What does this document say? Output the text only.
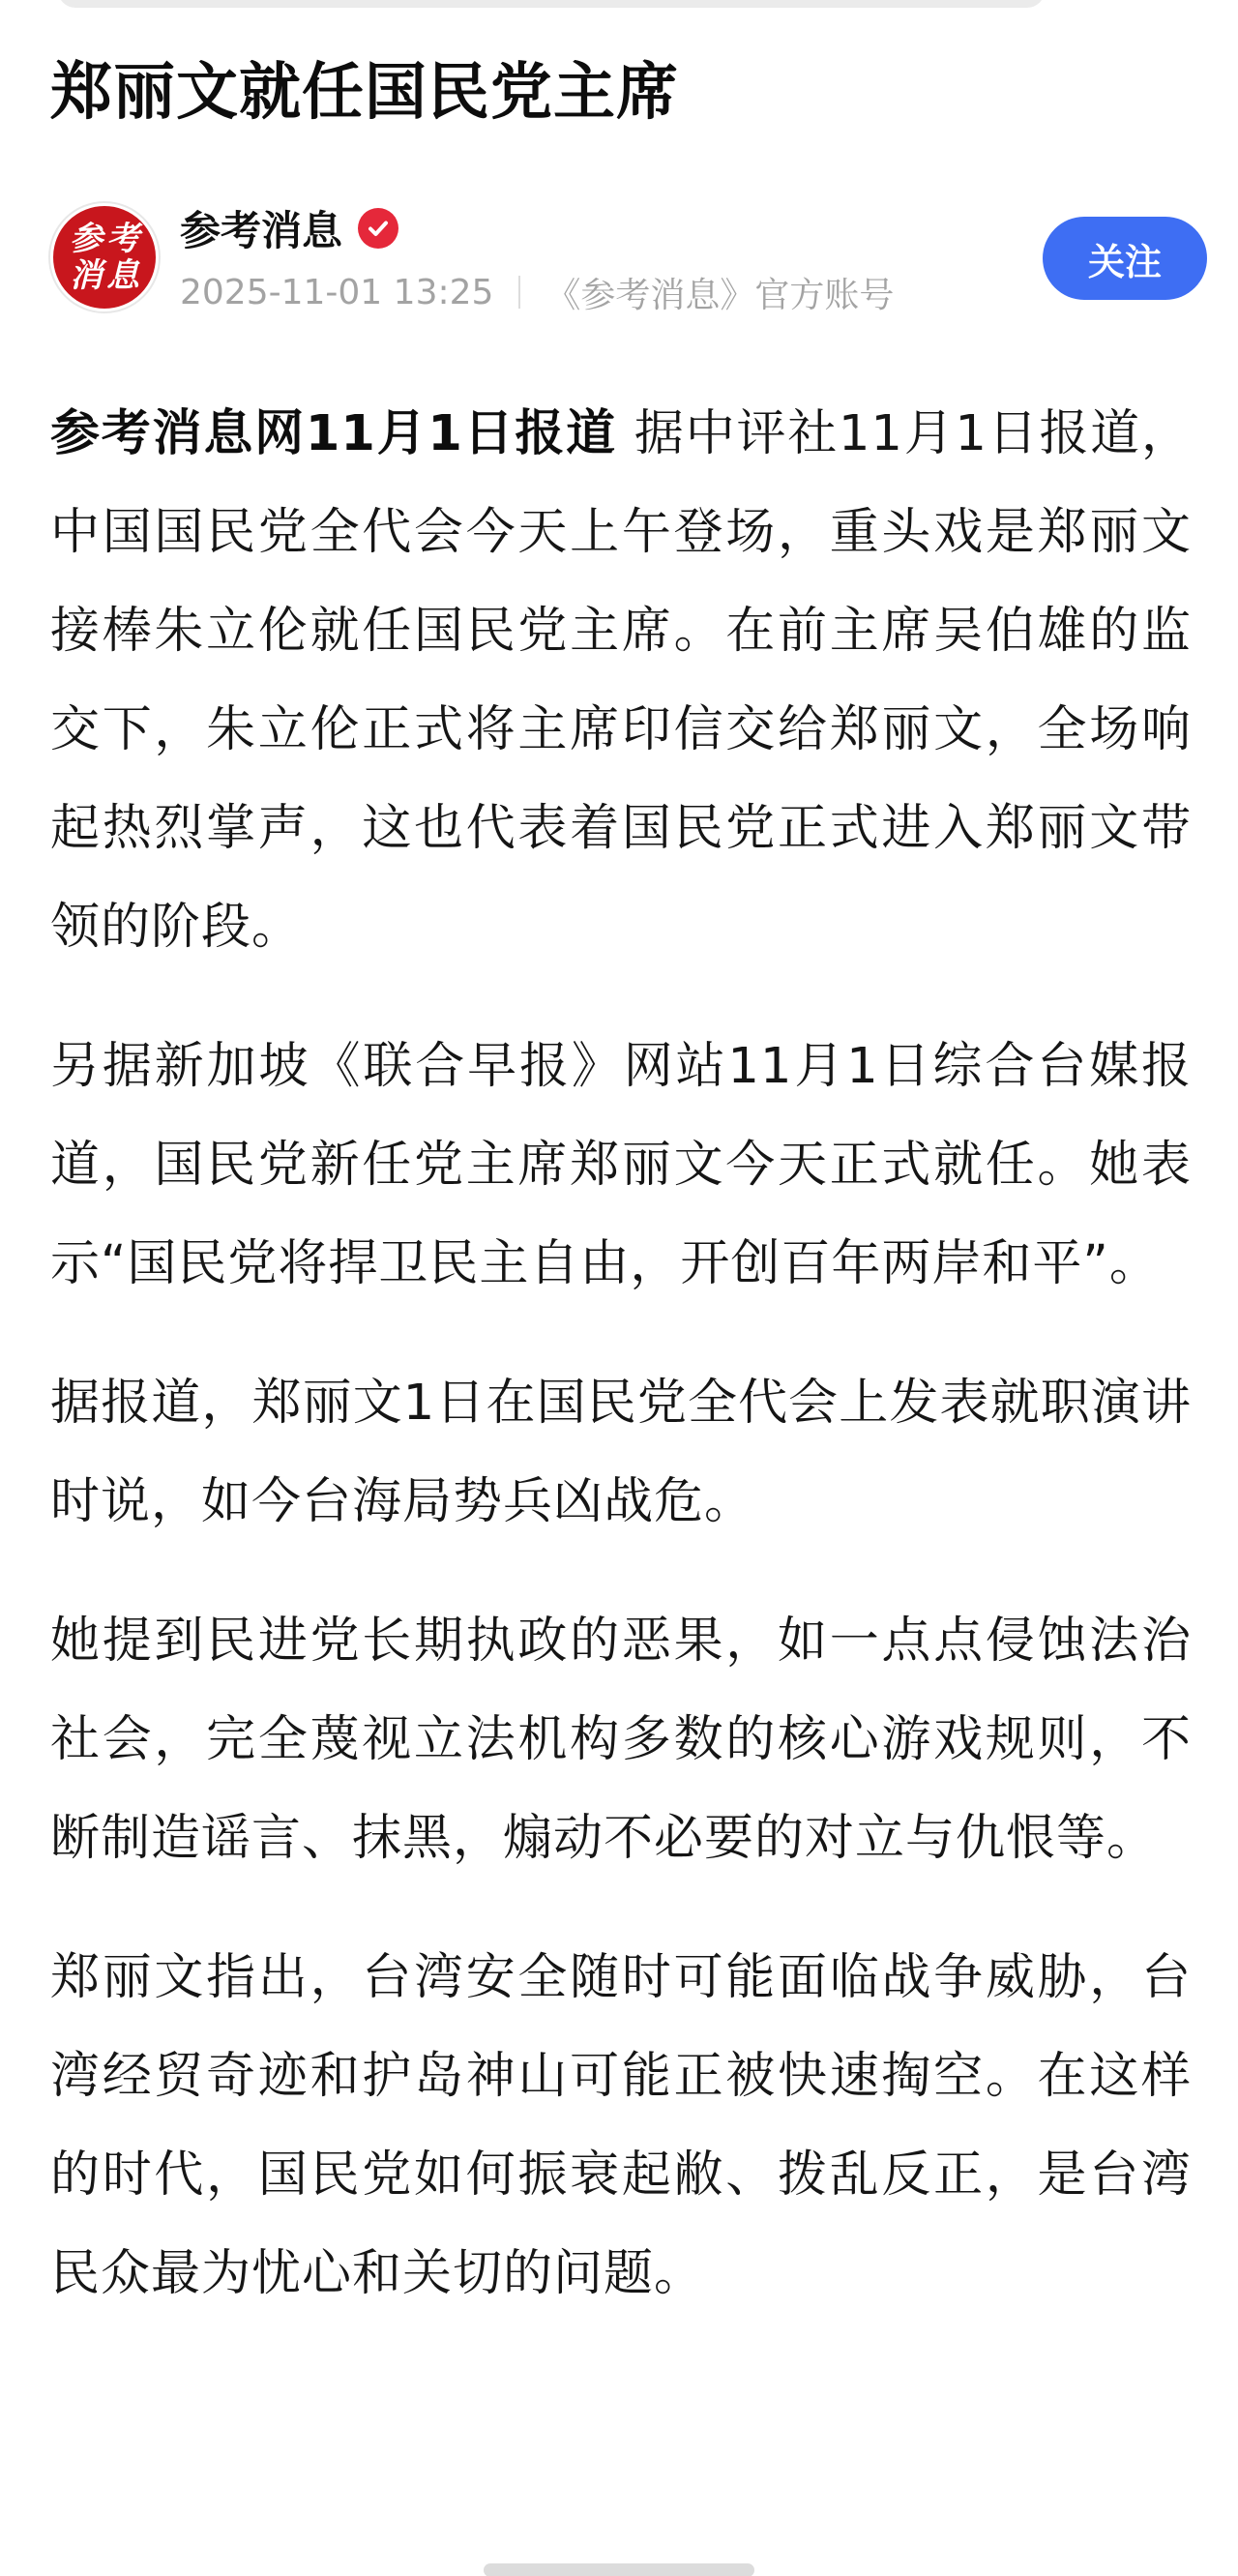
郑丽文就任国民党主席
参 考
消 息
参考消息
2025-11-01 13:25 《参考消息》官方账号
关注

参考消息网11月1日报道 据中评社11月1日报道，中国国民党全代会今天上午登场，重头戏是郑丽文接棒朱立伦就任国民党主席。在前主席吴伯雄的监交下，朱立伦正式将主席印信交给郑丽文，全场响起热烈掌声，这也代表着国民党正式进入郑丽文带领的阶段。

另据新加坡《联合早报》网站11月1日综合台媒报道，国民党新任党主席郑丽文今天正式就任。她表示“国民党将捍卫民主自由，开创百年两岸和平”。

据报道，郑丽文1日在国民党全代会上发表就职演讲时说，如今台海局势兵凶战危。

她提到民进党长期执政的恶果，如一点点侵蚀法治社会，完全蔑视立法机构多数的核心游戏规则，不断制造谣言、抹黑，煽动不必要的对立与仇恨等。

郑丽文指出，台湾安全随时可能面临战争威胁，台湾经贸奇迹和护岛神山可能正被快速掏空。在这样的时代，国民党如何振衰起敝、拨乱反正，是台湾民众最为忧心和关切的问题。
